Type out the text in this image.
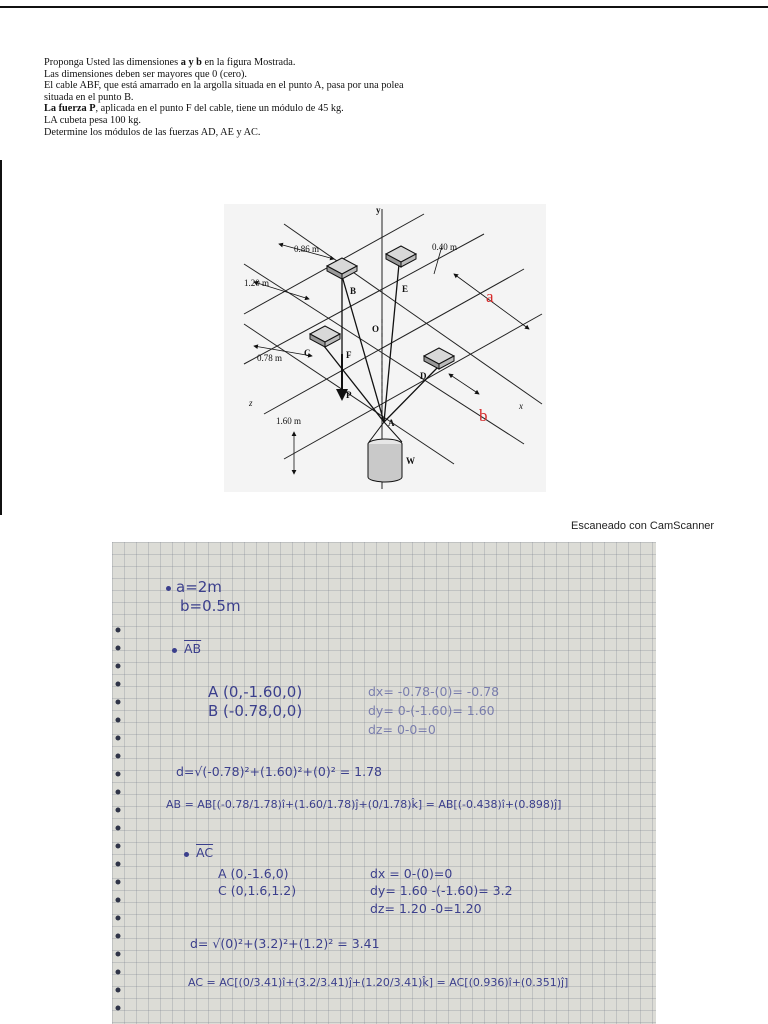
Proponga Usted las dimensiones a y b en la figura Mostrada.

Las dimensiones deben ser mayores que 0 (cero).

El cable ABF, que está amarrado en la argolla situada en el punto A, pasa por una polea

situada en el punto B.

La fuerza P, aplicada en el punto F del cable, tiene un módulo de 45 kg.

LA cubeta pesa 100 kg.

Determine los módulos de las fuerzas AD, AE y AC.

0.86 m	0.40 m
1.20 m
0.78 m
1.60 m
y
x
z
B	E
C	F
O
D
P
A
W
a
b
Escaneado con CamScanner
a=2m
b=0.5m
$\overline{AB}$
A (0,-1.60,0)
B (-0.78,0,0)
dx= -0.78-(0)= -0.78
dy= 0-(-1.60)= 1.60
dz= 0-0=0
d=√(-0.78)²+(1.60)²+(0)² = 1.78
AB = AB[(-0.78/1.78)î+(1.60/1.78)ĵ+(0/1.78)k̂] = AB[(-0.438)î+(0.898)ĵ]
$\overline{AC}$
A (0,-1.6,0)
C (0,1.6,1.2)
dx = 0-(0)=0
dy= 1.60 -(-1.60)= 3.2
dz= 1.20 -0=1.20
d= √(0)²+(3.2)²+(1.2)² = 3.41
AC = AC[(0/3.41)î+(3.2/3.41)ĵ+(1.20/3.41)k̂] = AC[(0.936)î+(0.351)ĵ]
